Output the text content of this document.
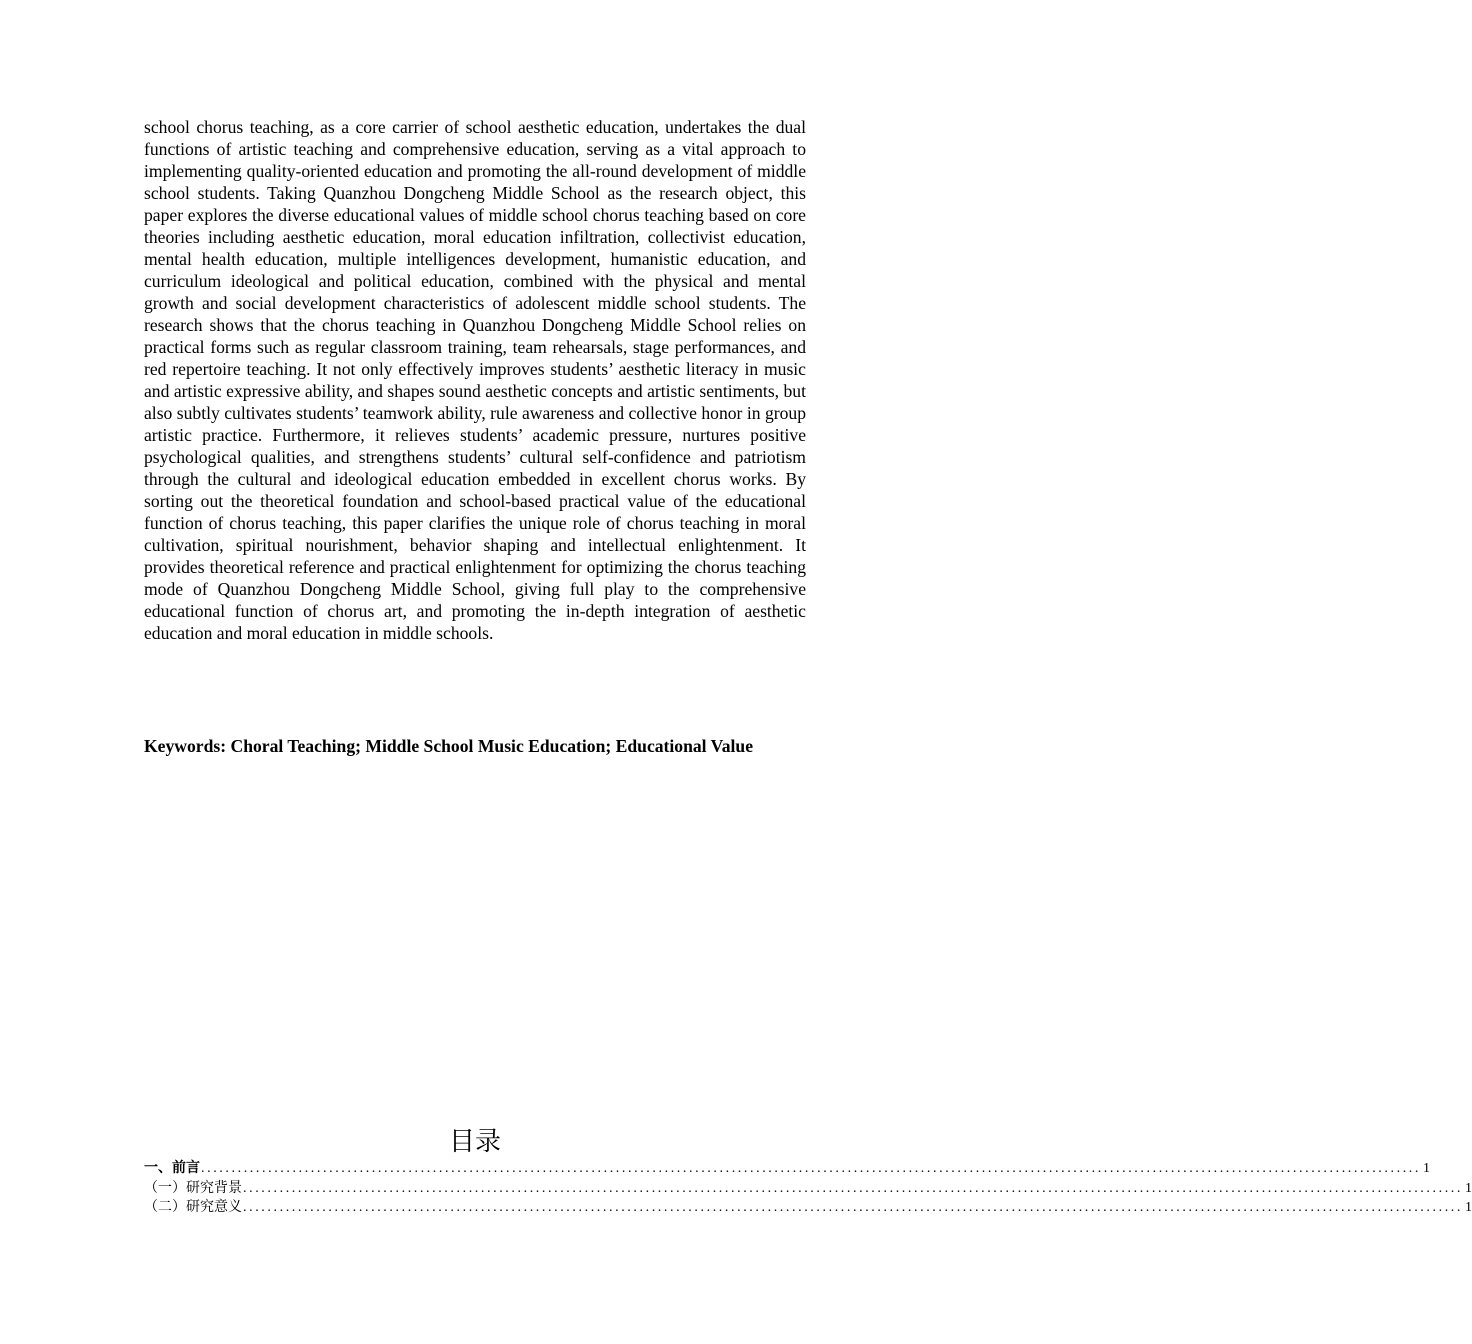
school chorus teaching, as a core carrier of school aesthetic education, undertakes the dual functions of artistic teaching and comprehensive education, serving as a vital approach to implementing quality-oriented education and promoting the all-round development of middle school students. Taking Quanzhou Dongcheng Middle School as the research object, this paper explores the diverse educational values of middle school chorus teaching based on core theories including aesthetic education, moral education infiltration, collectivist education, mental health education, multiple intelligences development, humanistic education, and curriculum ideological and political education, combined with the physical and mental growth and social development characteristics of adolescent middle school students. The research shows that the chorus teaching in Quanzhou Dongcheng Middle School relies on practical forms such as regular classroom training, team rehearsals, stage performances, and red repertoire teaching. It not only effectively improves students’ aesthetic literacy in music and artistic expressive ability, and shapes sound aesthetic concepts and artistic sentiments, but also subtly cultivates students’ teamwork ability, rule awareness and collective honor in group artistic practice. Furthermore, it relieves students’ academic pressure, nurtures positive psychological qualities, and strengthens students’ cultural self-confidence and patriotism through the cultural and ideological education embedded in excellent chorus works. By sorting out the theoretical foundation and school-based practical value of the educational function of chorus teaching, this paper clarifies the unique role of chorus teaching in moral cultivation, spiritual nourishment, behavior shaping and intellectual enlightenment. It provides theoretical reference and practical enlightenment for optimizing the chorus teaching mode of Quanzhou Dongcheng Middle School, giving full play to the comprehensive educational function of chorus art, and promoting the in-depth integration of aesthetic education and moral education in middle schools.

Keywords: Choral Teaching; Middle School Music Education; Educational Value

目录
一、前言 ........................................................................................................................................................................................................ 1
（一）研究背景 ........................................................................................................................................................................................................ 1
（二）研究意义 ........................................................................................................................................................................................................ 1
